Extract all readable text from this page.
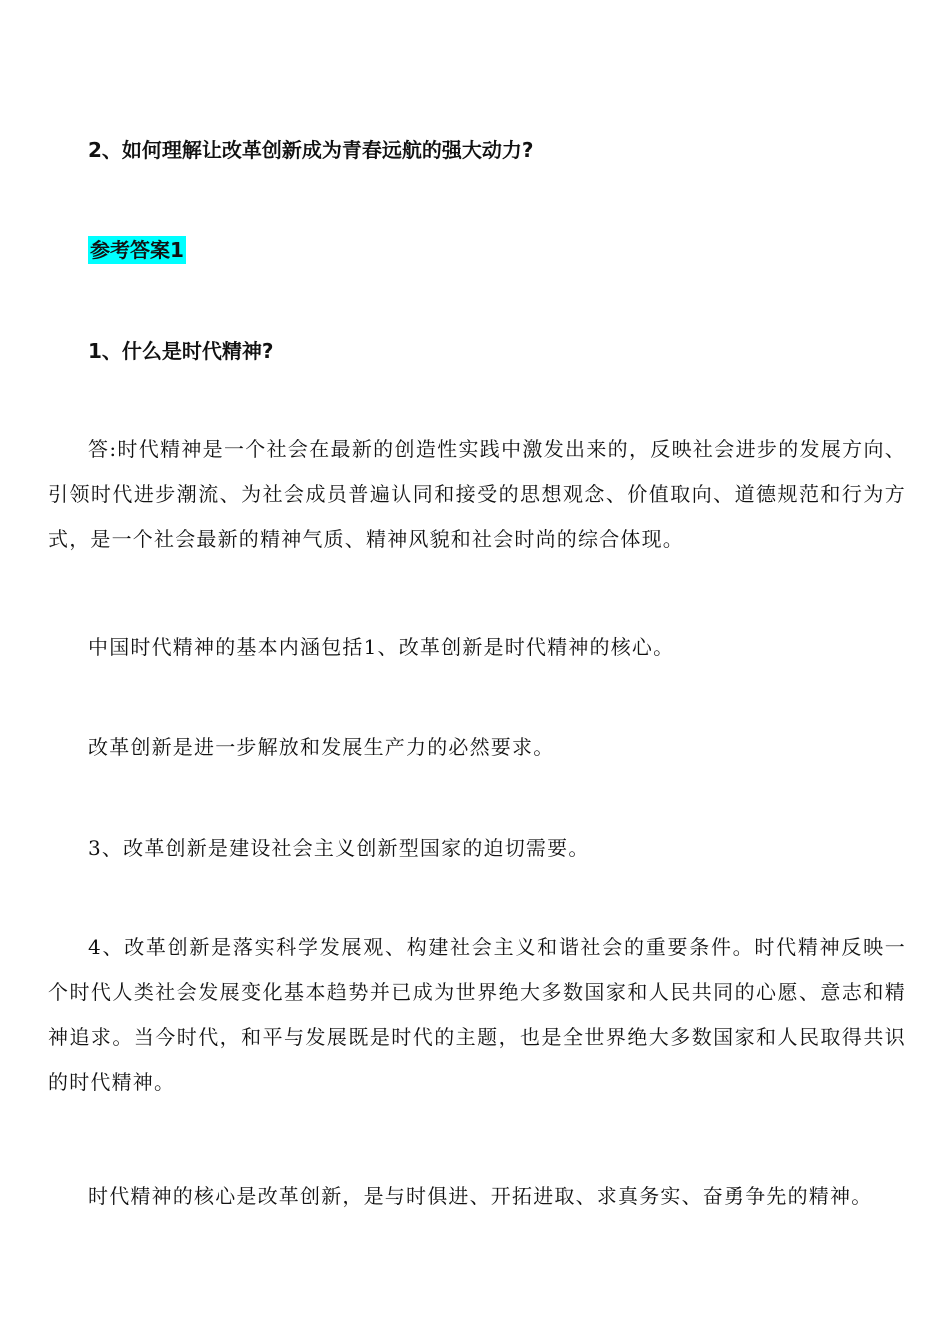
2、如何理解让改革创新成为青春远航的强大动力?
参考答案1
1、什么是时代精神?
答:时代精神是一个社会在最新的创造性实践中激发出来的，反映社会进步的发展方向、引领时代进步潮流、为社会成员普遍认同和接受的思想观念、价值取向、道德规范和行为方式，是一个社会最新的精神气质、精神风貌和社会时尚的综合体现。
中国时代精神的基本内涵包括1、改革创新是时代精神的核心。
改革创新是进一步解放和发展生产力的必然要求。
3、改革创新是建设社会主义创新型国家的迫切需要。
4、改革创新是落实科学发展观、构建社会主义和谐社会的重要条件。时代精神反映一个时代人类社会发展变化基本趋势并已成为世界绝大多数国家和人民共同的心愿、意志和精神追求。当今时代，和平与发展既是时代的主题，也是全世界绝大多数国家和人民取得共识的时代精神。
时代精神的核心是改革创新，是与时俱进、开拓进取、求真务实、奋勇争先的精神。
